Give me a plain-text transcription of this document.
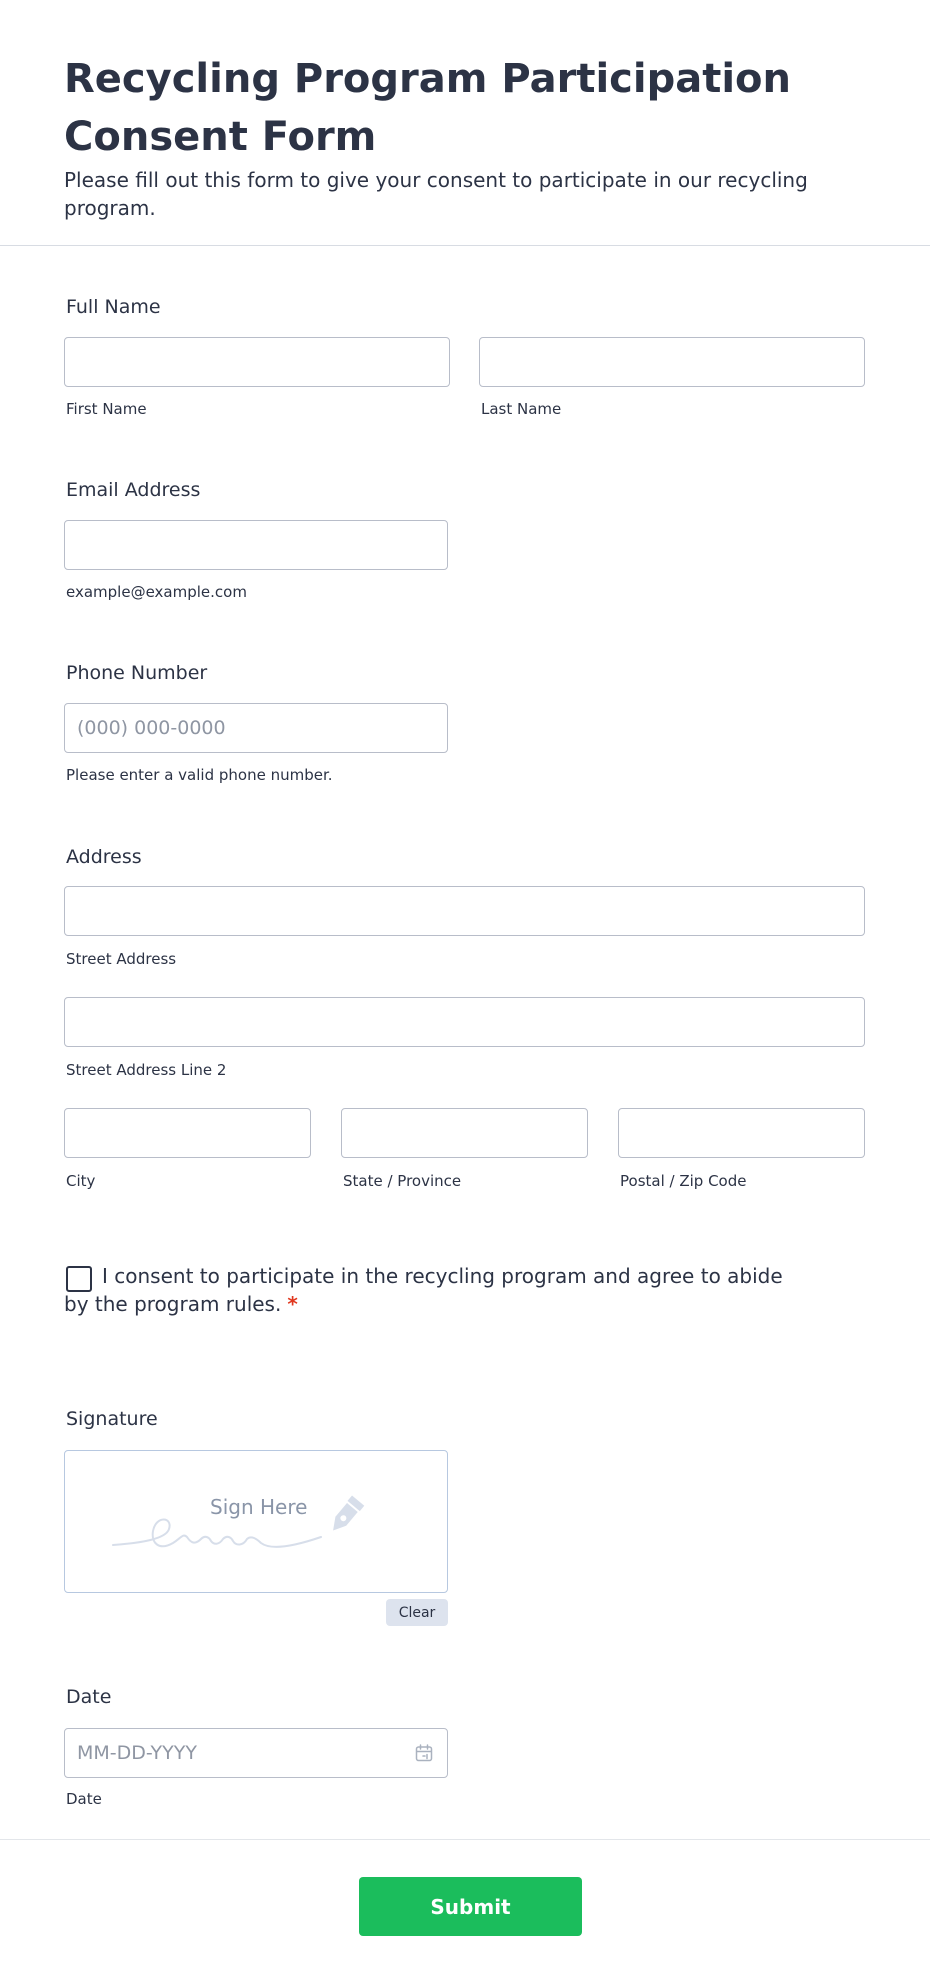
Recycling Program Participation Consent Form

Please fill out this form to give your consent to participate in our recycling program.

Full Name
First Name	Last Name
Email Address
example@example.com
Phone Number
(000) 000-0000
Please enter a valid phone number.
Address
Street Address
Street Address Line 2
City	State / Province	Postal / Zip Code
I consent to participate in the recycling program and agree to abide by the program rules. *
Signature
Sign Here
Clear
Date
MM-DD-YYYY
Date
Submit
